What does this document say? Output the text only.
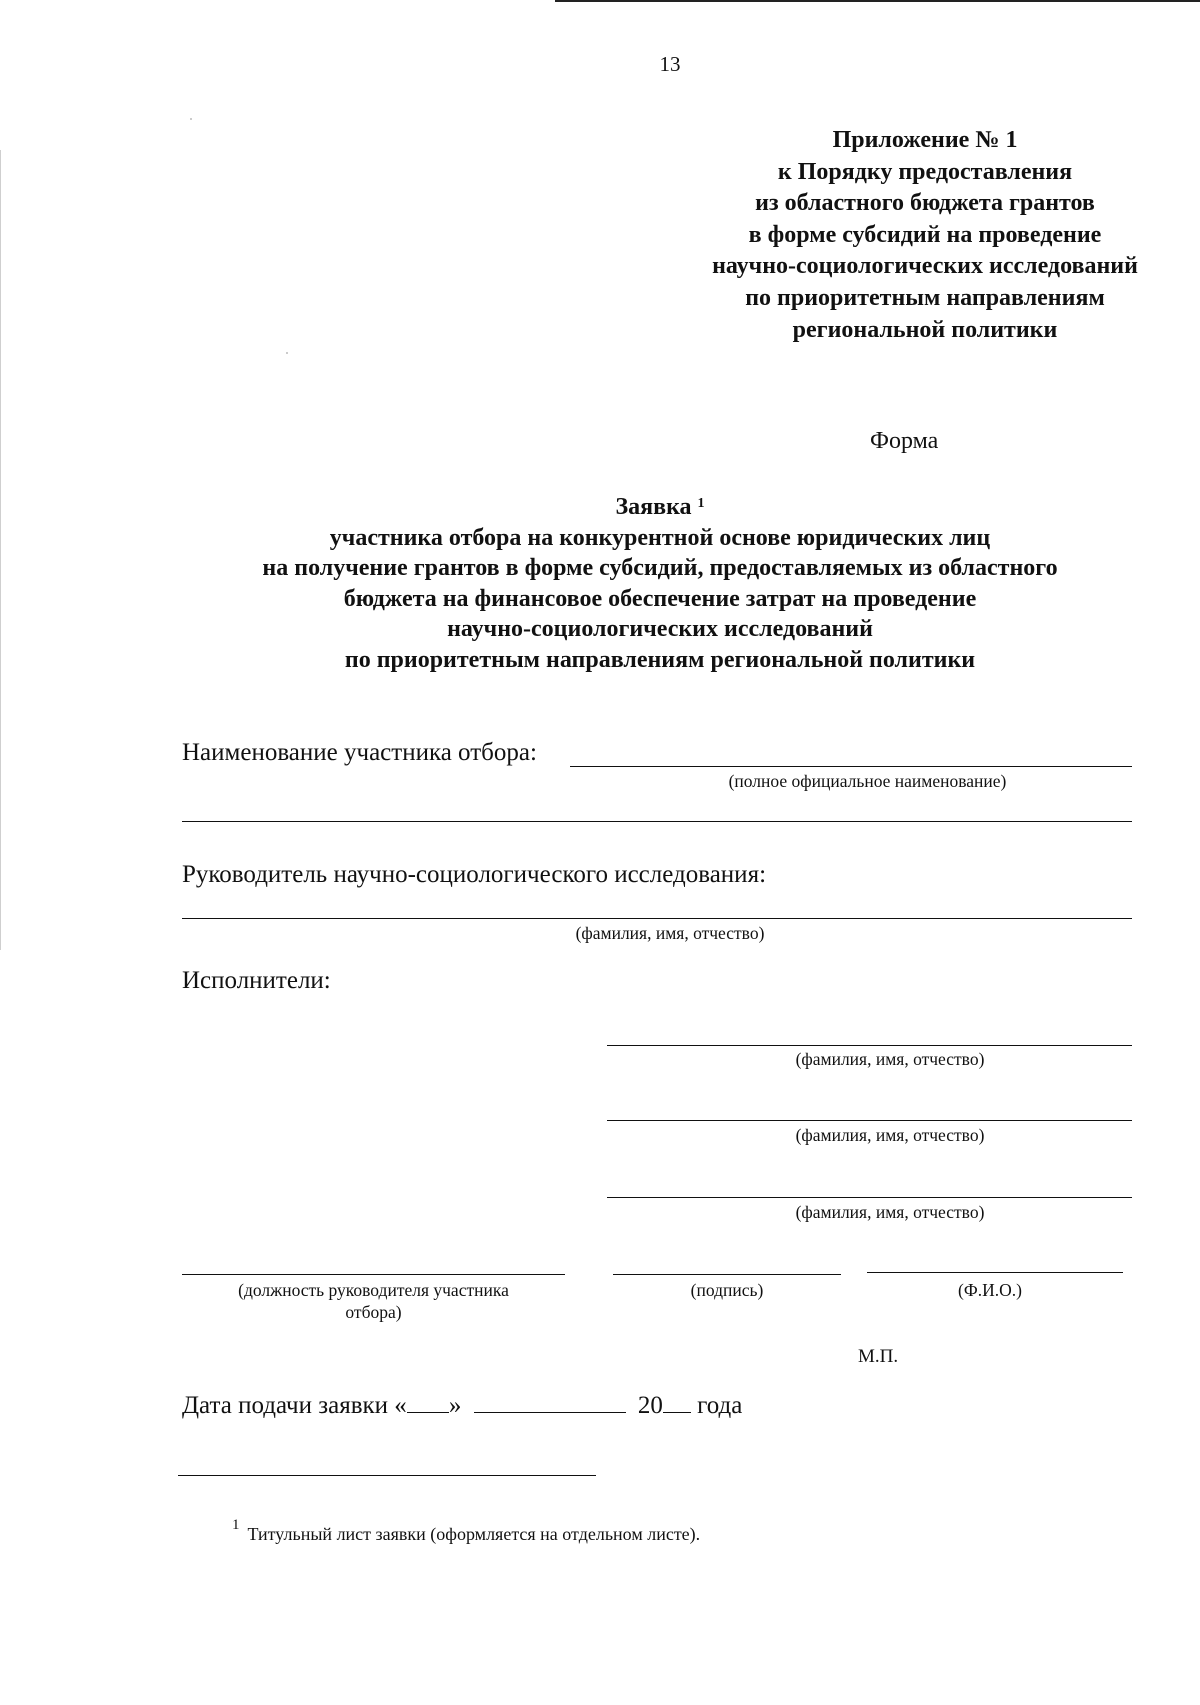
13
Приложение № 1
к Порядку предоставления
из областного бюджета грантов
в форме субсидий на проведение
научно-социологических исследований
по приоритетным направлениям
региональной политики
Форма
Заявка $^1$
участника отбора на конкурентной основе юридических лиц
на получение грантов в форме субсидий, предоставляемых из областного
бюджета на финансовое обеспечение затрат на проведение
научно-социологических исследований
по приоритетным направлениям региональной политики
Наименование участника отбора:
(полное официальное наименование)
Руководитель научно-социологического исследования:
(фамилия, имя, отчество)
Исполнители:
(фамилия, имя, отчество)
(фамилия, имя, отчество)
(фамилия, имя, отчество)
(должность руководителя участника
отбора)
(подпись)	(Ф.И.О.)
М.П.
Дата подачи заявки « »	20 года
$^1$ Титульный лист заявки (оформляется на отдельном листе).
